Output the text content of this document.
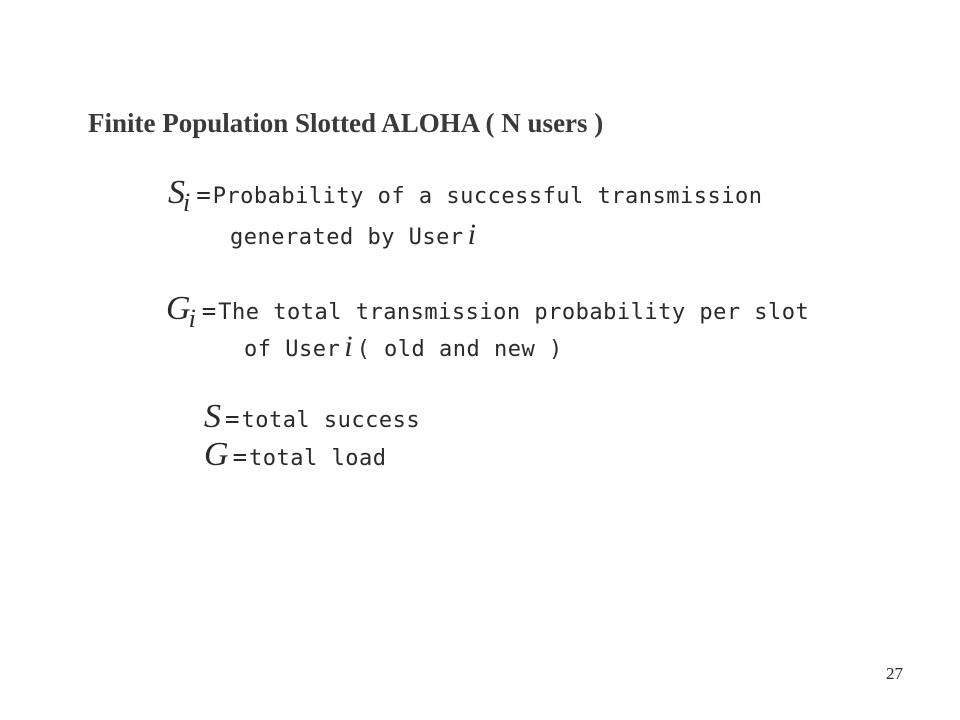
Finite Population Slotted ALOHA ( N users )
Si =Probability of a successful transmission
generated by User i
Gi =The total transmission probability per slot
of User i ( old and new )
S =total success
G =total load
27
